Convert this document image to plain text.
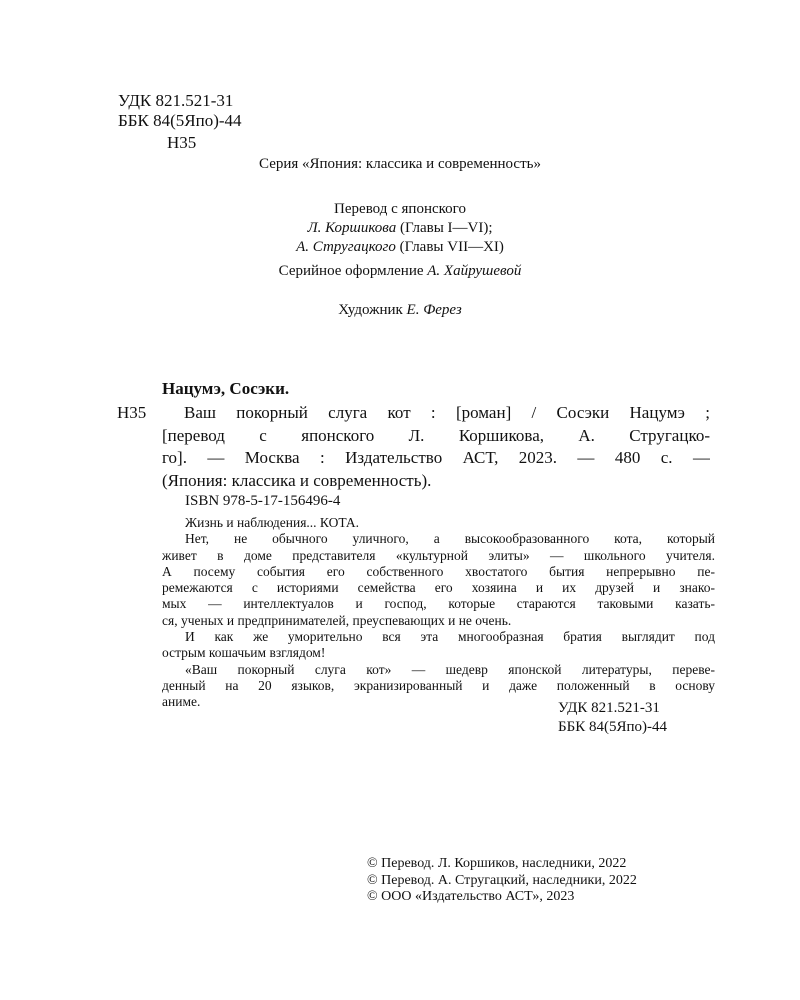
УДК 821.521-31
ББК 84(5Япо)-44
Н35
Серия «Япония: классика и современность»
Перевод с японского
Л. Коршикова (Главы I—VI);
А. Стругацкого (Главы VII—XI)
Серийное оформление А. Хайрушевой
Художник Е. Ферез
Нацумэ, Сосэки.
Н35	Ваш покорный слуга кот : [роман] / Сосэки Нацумэ ;
[перевод с японского Л. Коршикова, А. Стругацко-
го]. — Москва : Издательство АСТ, 2023. — 480 с. —
(Япония: классика и современность).
ISBN 978-5-17-156496-4
Жизнь и наблюдения... КОТА.
Нет, не обычного уличного, а высокообразованного кота, который
живет в доме представителя «культурной элиты» — школьного учителя.
А посему события его собственного хвостатого бытия непрерывно пе-
ремежаются с историями семейства его хозяина и их друзей и знако-
мых — интеллектуалов и господ, которые стараются таковыми казать-
ся, ученых и предпринимателей, преуспевающих и не очень.
И как же уморительно вся эта многообразная братия выглядит под
острым кошачьим взглядом!
«Ваш покорный слуга кот» — шедевр японской литературы, переве-
денный на 20 языков, экранизированный и даже положенный в основу
аниме.	УДК 821.521-31
ББК 84(5Япо)-44
© Перевод. Л. Коршиков, наследники, 2022
© Перевод. А. Стругацкий, наследники, 2022
© ООО «Издательство АСТ», 2023
